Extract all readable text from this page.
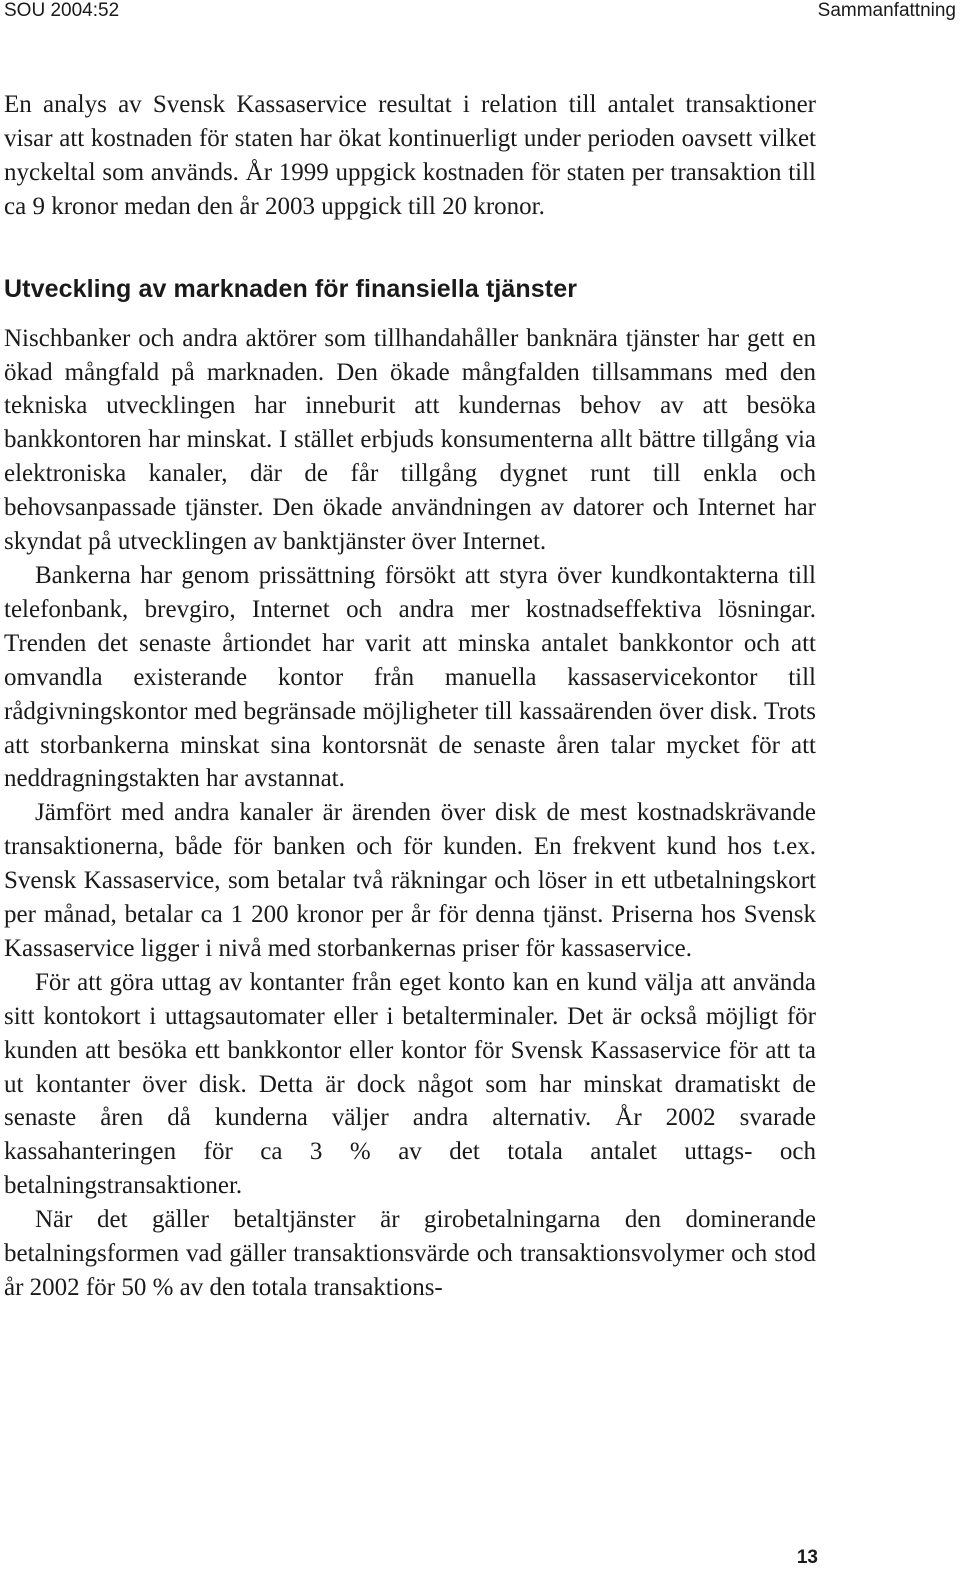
SOU 2004:52	Sammanfattning

En analys av Svensk Kassaservice resultat i relation till antalet transaktioner visar att kostnaden för staten har ökat kontinuerligt under perioden oavsett vilket nyckeltal som används. År 1999 uppgick kostnaden för staten per transaktion till ca 9 kronor medan den år 2003 uppgick till 20 kronor.

Utveckling av marknaden för finansiella tjänster

Nischbanker och andra aktörer som tillhandahåller banknära tjänster har gett en ökad mångfald på marknaden. Den ökade mångfalden tillsammans med den tekniska utvecklingen har inneburit att kundernas behov av att besöka bankkontoren har minskat. I stället erbjuds konsumenterna allt bättre tillgång via elektroniska kanaler, där de får tillgång dygnet runt till enkla och behovsanpassade tjänster. Den ökade användningen av datorer och Internet har skyndat på utvecklingen av banktjänster över Internet.

Bankerna har genom prissättning försökt att styra över kundkontakterna till telefonbank, brevgiro, Internet och andra mer kostnadseffektiva lösningar. Trenden det senaste årtiondet har varit att minska antalet bankkontor och att omvandla existerande kontor från manuella kassaservicekontor till rådgivningskontor med begränsade möjligheter till kassaärenden över disk. Trots att storbankerna minskat sina kontorsnät de senaste åren talar mycket för att neddragningstakten har avstannat.

Jämfört med andra kanaler är ärenden över disk de mest kostnadskrävande transaktionerna, både för banken och för kunden. En frekvent kund hos t.ex. Svensk Kassaservice, som betalar två räkningar och löser in ett utbetalningskort per månad, betalar ca 1 200 kronor per år för denna tjänst. Priserna hos Svensk Kassaservice ligger i nivå med storbankernas priser för kassaservice.

För att göra uttag av kontanter från eget konto kan en kund välja att använda sitt kontokort i uttagsautomater eller i betalterminaler. Det är också möjligt för kunden att besöka ett bankkontor eller kontor för Svensk Kassaservice för att ta ut kontanter över disk. Detta är dock något som har minskat dramatiskt de senaste åren då kunderna väljer andra alternativ. År 2002 svarade kassahanteringen för ca 3 % av det totala antalet uttags- och betalningstransaktioner.

När det gäller betaltjänster är girobetalningarna den dominerande betalningsformen vad gäller transaktionsvärde och transaktionsvolymer och stod år 2002 för 50 % av den totala transaktions-

13
